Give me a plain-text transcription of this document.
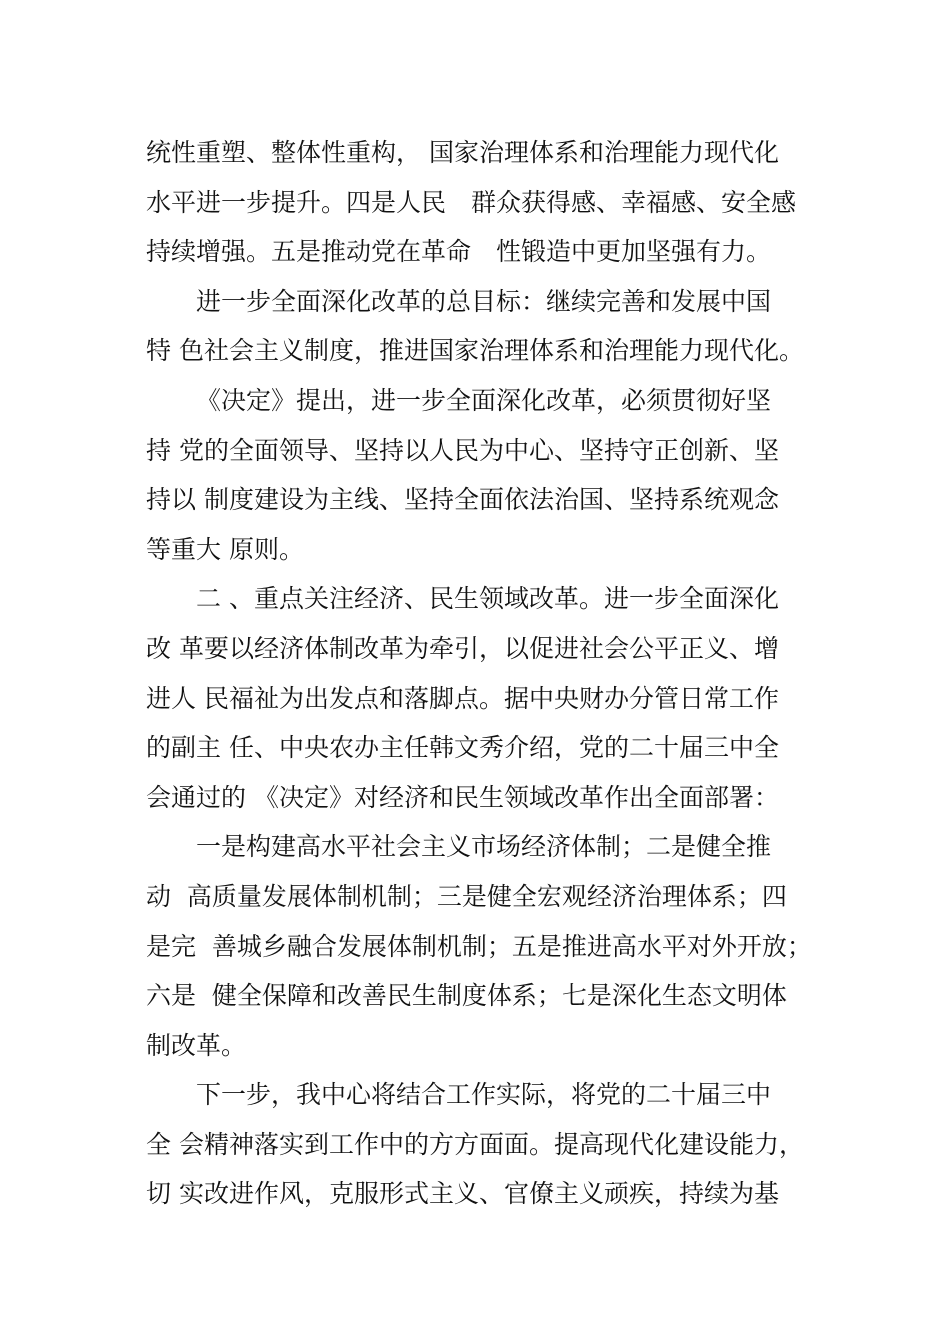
统性重塑、整体性重构， 国家治理体系和治理能力现代化
水平进一步提升。四是人民　群众获得感、幸福感、安全感
持续增强。五是推动党在革命　性锻造中更加坚强有力。
进一步全面深化改革的总目标：继续完善和发展中国
特 色社会主义制度，推进国家治理体系和治理能力现代化。
《决定》提出，进一步全面深化改革，必须贯彻好坚
持 党的全面领导、坚持以人民为中心、坚持守正创新、坚
持以 制度建设为主线、坚持全面依法治国、坚持系统观念
等重大 原则。
二 、重点关注经济、民生领域改革。进一步全面深化
改 革要以经济体制改革为牵引，以促进社会公平正义、增
进人 民福祉为出发点和落脚点。据中央财办分管日常工作
的副主 任、中央农办主任韩文秀介绍，党的二十届三中全
会通过的 《决定》对经济和民生领域改革作出全面部署：
一是构建高水平社会主义市场经济体制；二是健全推
动  高质量发展体制机制；三是健全宏观经济治理体系；四
是完  善城乡融合发展体制机制；五是推进高水平对外开放；
六是  健全保障和改善民生制度体系；七是深化生态文明体
制改革。
下一步，我中心将结合工作实际，将党的二十届三中
全 会精神落实到工作中的方方面面。提高现代化建设能力，
切 实改进作风，克服形式主义、官僚主义顽疾，持续为基
